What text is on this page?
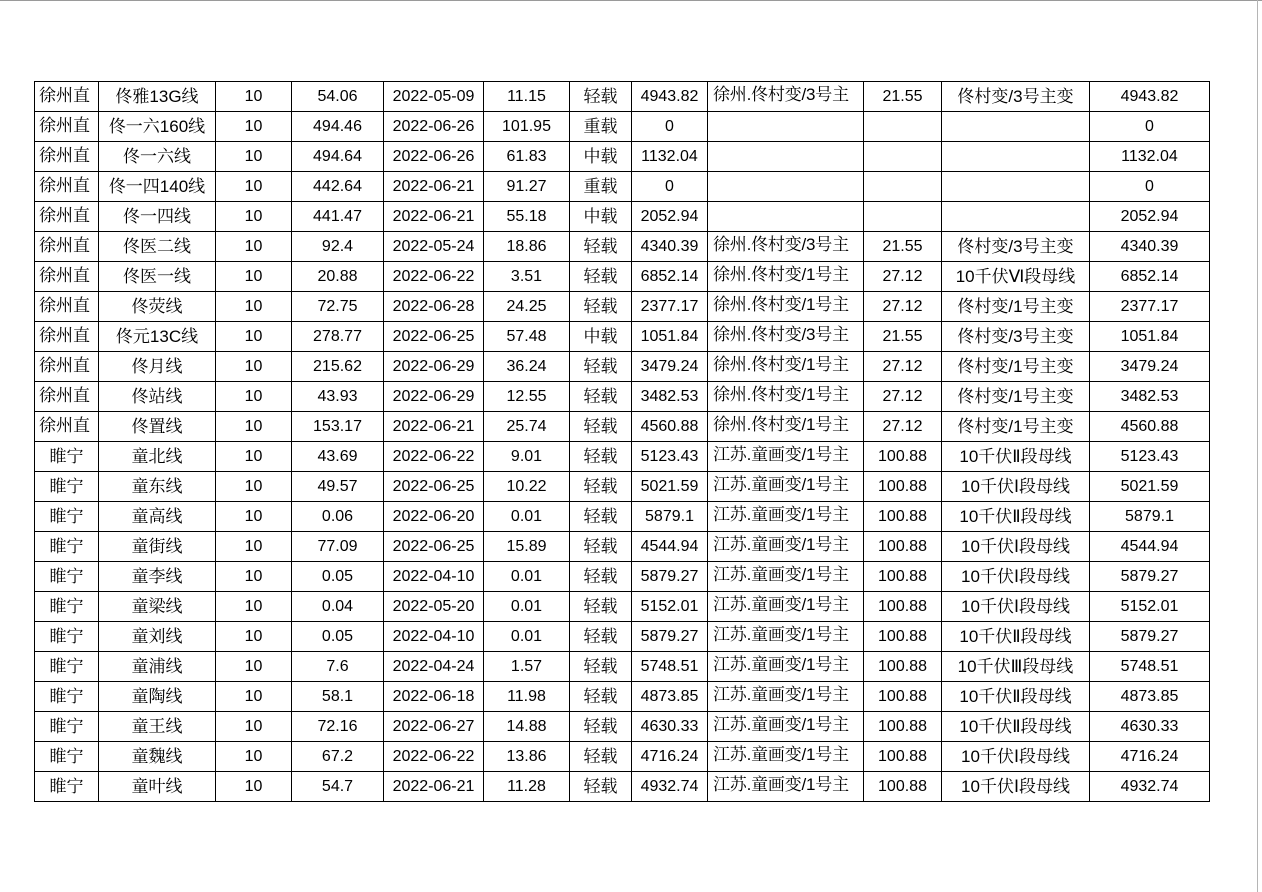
徐州直	佟雅13G线	10	54.06	2022-05-09	11.15	轻载	4943.82	徐州.佟村变/3号主	21.55	佟村变/3号主变	4943.82
徐州直	佟一六160线	10	494.46	2022-06-26	101.95	重载	0				0
徐州直	佟一六线	10	494.64	2022-06-26	61.83	中载	1132.04				1132.04
徐州直	佟一四140线	10	442.64	2022-06-21	91.27	重载	0				0
徐州直	佟一四线	10	441.47	2022-06-21	55.18	中载	2052.94				2052.94
徐州直	佟医二线	10	92.4	2022-05-24	18.86	轻载	4340.39	徐州.佟村变/3号主	21.55	佟村变/3号主变	4340.39
徐州直	佟医一线	10	20.88	2022-06-22	3.51	轻载	6852.14	徐州.佟村变/1号主	27.12	10千伏Ⅵ段母线	6852.14
徐州直	佟荧线	10	72.75	2022-06-28	24.25	轻载	2377.17	徐州.佟村变/1号主	27.12	佟村变/1号主变	2377.17
徐州直	佟元13C线	10	278.77	2022-06-25	57.48	中载	1051.84	徐州.佟村变/3号主	21.55	佟村变/3号主变	1051.84
徐州直	佟月线	10	215.62	2022-06-29	36.24	轻载	3479.24	徐州.佟村变/1号主	27.12	佟村变/1号主变	3479.24
徐州直	佟站线	10	43.93	2022-06-29	12.55	轻载	3482.53	徐州.佟村变/1号主	27.12	佟村变/1号主变	3482.53
徐州直	佟置线	10	153.17	2022-06-21	25.74	轻载	4560.88	徐州.佟村变/1号主	27.12	佟村变/1号主变	4560.88
睢宁	童北线	10	43.69	2022-06-22	9.01	轻载	5123.43	江苏.童画变/1号主	100.88	10千伏Ⅱ段母线	5123.43
睢宁	童东线	10	49.57	2022-06-25	10.22	轻载	5021.59	江苏.童画变/1号主	100.88	10千伏Ⅰ段母线	5021.59
睢宁	童高线	10	0.06	2022-06-20	0.01	轻载	5879.1	江苏.童画变/1号主	100.88	10千伏Ⅱ段母线	5879.1
睢宁	童街线	10	77.09	2022-06-25	15.89	轻载	4544.94	江苏.童画变/1号主	100.88	10千伏Ⅰ段母线	4544.94
睢宁	童李线	10	0.05	2022-04-10	0.01	轻载	5879.27	江苏.童画变/1号主	100.88	10千伏Ⅰ段母线	5879.27
睢宁	童梁线	10	0.04	2022-05-20	0.01	轻载	5152.01	江苏.童画变/1号主	100.88	10千伏Ⅰ段母线	5152.01
睢宁	童刘线	10	0.05	2022-04-10	0.01	轻载	5879.27	江苏.童画变/1号主	100.88	10千伏Ⅱ段母线	5879.27
睢宁	童浦线	10	7.6	2022-04-24	1.57	轻载	5748.51	江苏.童画变/1号主	100.88	10千伏Ⅲ段母线	5748.51
睢宁	童陶线	10	58.1	2022-06-18	11.98	轻载	4873.85	江苏.童画变/1号主	100.88	10千伏Ⅱ段母线	4873.85
睢宁	童王线	10	72.16	2022-06-27	14.88	轻载	4630.33	江苏.童画变/1号主	100.88	10千伏Ⅱ段母线	4630.33
睢宁	童魏线	10	67.2	2022-06-22	13.86	轻载	4716.24	江苏.童画变/1号主	100.88	10千伏Ⅰ段母线	4716.24
睢宁	童叶线	10	54.7	2022-06-21	11.28	轻载	4932.74	江苏.童画变/1号主	100.88	10千伏Ⅰ段母线	4932.74
